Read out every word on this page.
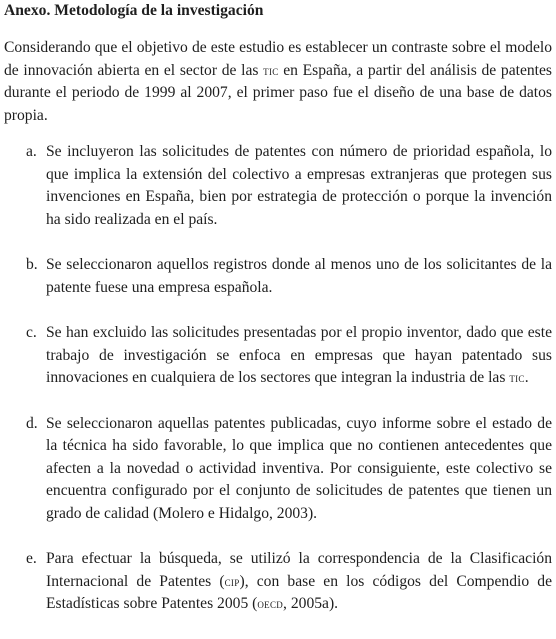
Anexo. Metodología de la investigación

Considerando que el objetivo de este estudio es establecer un contraste sobre el modelo de innovación abierta en el sector de las tic en España, a partir del análisis de patentes durante el periodo de 1999 al 2007, el primer paso fue el diseño de una base de datos propia.

a. Se incluyeron las solicitudes de patentes con número de prioridad española, lo que implica la extensión del colectivo a empresas extranjeras que protegen sus invenciones en España, bien por estrategia de protección o porque la invención ha sido realizada en el país.
b. Se seleccionaron aquellos registros donde al menos uno de los solicitantes de la patente fuese una empresa española.
c. Se han excluido las solicitudes presentadas por el propio inventor, dado que este trabajo de investigación se enfoca en empresas que hayan patentado sus innovaciones en cualquiera de los sectores que integran la industria de las tic.
d. Se seleccionaron aquellas patentes publicadas, cuyo informe sobre el estado de la técnica ha sido favorable, lo que implica que no contienen antecedentes que afecten a la novedad o actividad inventiva. Por consiguiente, este colectivo se encuentra configurado por el conjunto de solicitudes de patentes que tienen un grado de calidad (Molero e Hidalgo, 2003).
e. Para efectuar la búsqueda, se utilizó la correspondencia de la Clasificación Internacional de Patentes (cip), con base en los códigos del Compendio de Estadísticas sobre Patentes 2005 (oecd, 2005a).
